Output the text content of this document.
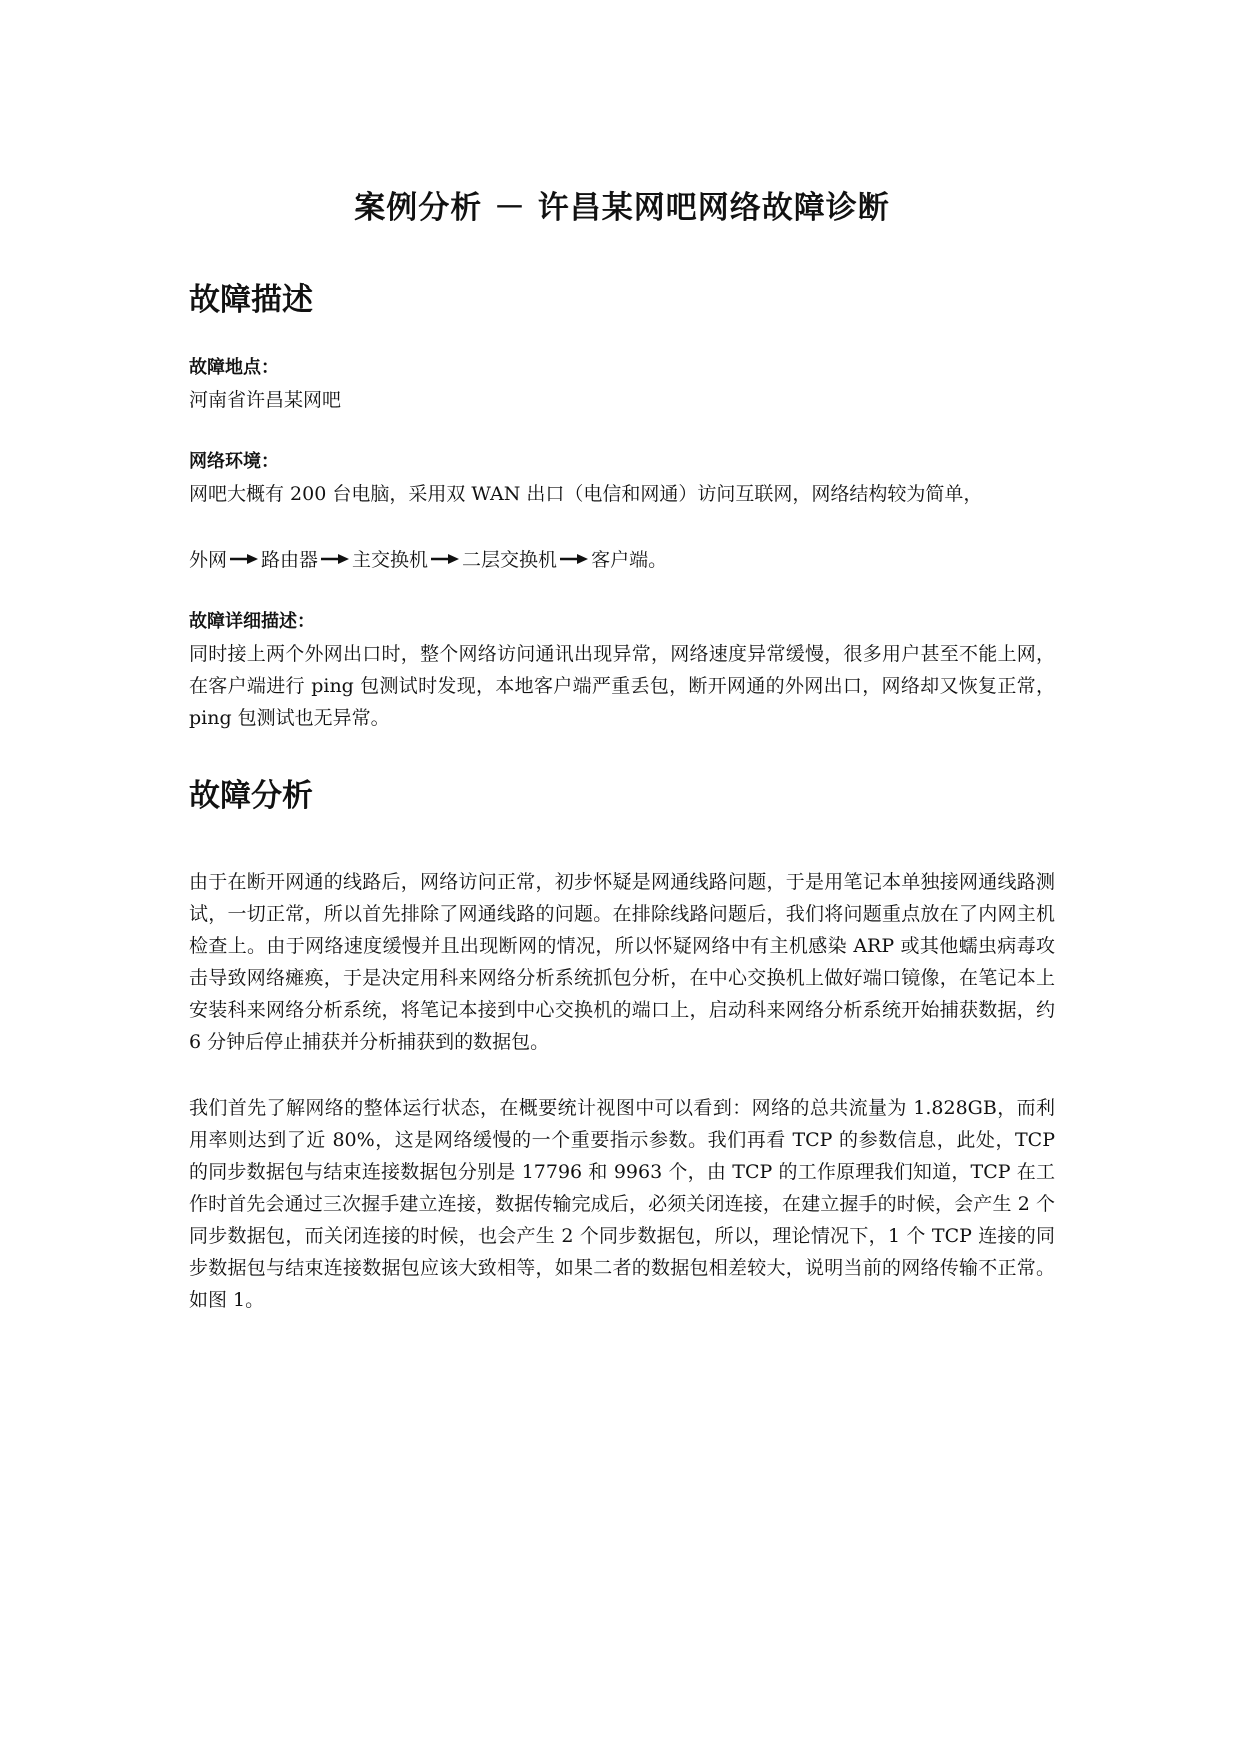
案例分析 － 许昌某网吧网络故障诊断
故障描述
故障地点：

河南省许昌某网吧

网络环境：

网吧大概有 200 台电脑，采用双 WAN 出口（电信和网通）访问互联网，网络结构较为简单，

外网 路由器 主交换机 二层交换机 客户端。

故障详细描述：

同时接上两个外网出口时，整个网络访问通讯出现异常，网络速度异常缓慢，很多用户甚至不能上网，在客户端进行 ping 包测试时发现，本地客户端严重丢包，断开网通的外网出口，网络却又恢复正常，ping 包测试也无异常。

故障分析

由于在断开网通的线路后，网络访问正常，初步怀疑是网通线路问题，于是用笔记本单独接网通线路测试，一切正常，所以首先排除了网通线路的问题。在排除线路问题后，我们将问题重点放在了内网主机检查上。由于网络速度缓慢并且出现断网的情况，所以怀疑网络中有主机感染 ARP 或其他蠕虫病毒攻击导致网络瘫痪，于是决定用科来网络分析系统抓包分析，在中心交换机上做好端口镜像，在笔记本上安装科来网络分析系统，将笔记本接到中心交换机的端口上，启动科来网络分析系统开始捕获数据，约 6 分钟后停止捕获并分析捕获到的数据包。

我们首先了解网络的整体运行状态，在概要统计视图中可以看到：网络的总共流量为 1.828GB，而利用率则达到了近 80%，这是网络缓慢的一个重要指示参数。我们再看 TCP 的参数信息，此处，TCP 的同步数据包与结束连接数据包分别是 17796 和 9963 个，由 TCP 的工作原理我们知道，TCP 在工作时首先会通过三次握手建立连接，数据传输完成后，必须关闭连接，在建立握手的时候，会产生 2 个同步数据包，而关闭连接的时候，也会产生 2 个同步数据包，所以，理论情况下，1 个 TCP 连接的同步数据包与结束连接数据包应该大致相等，如果二者的数据包相差较大，说明当前的网络传输不正常。如图 1。
